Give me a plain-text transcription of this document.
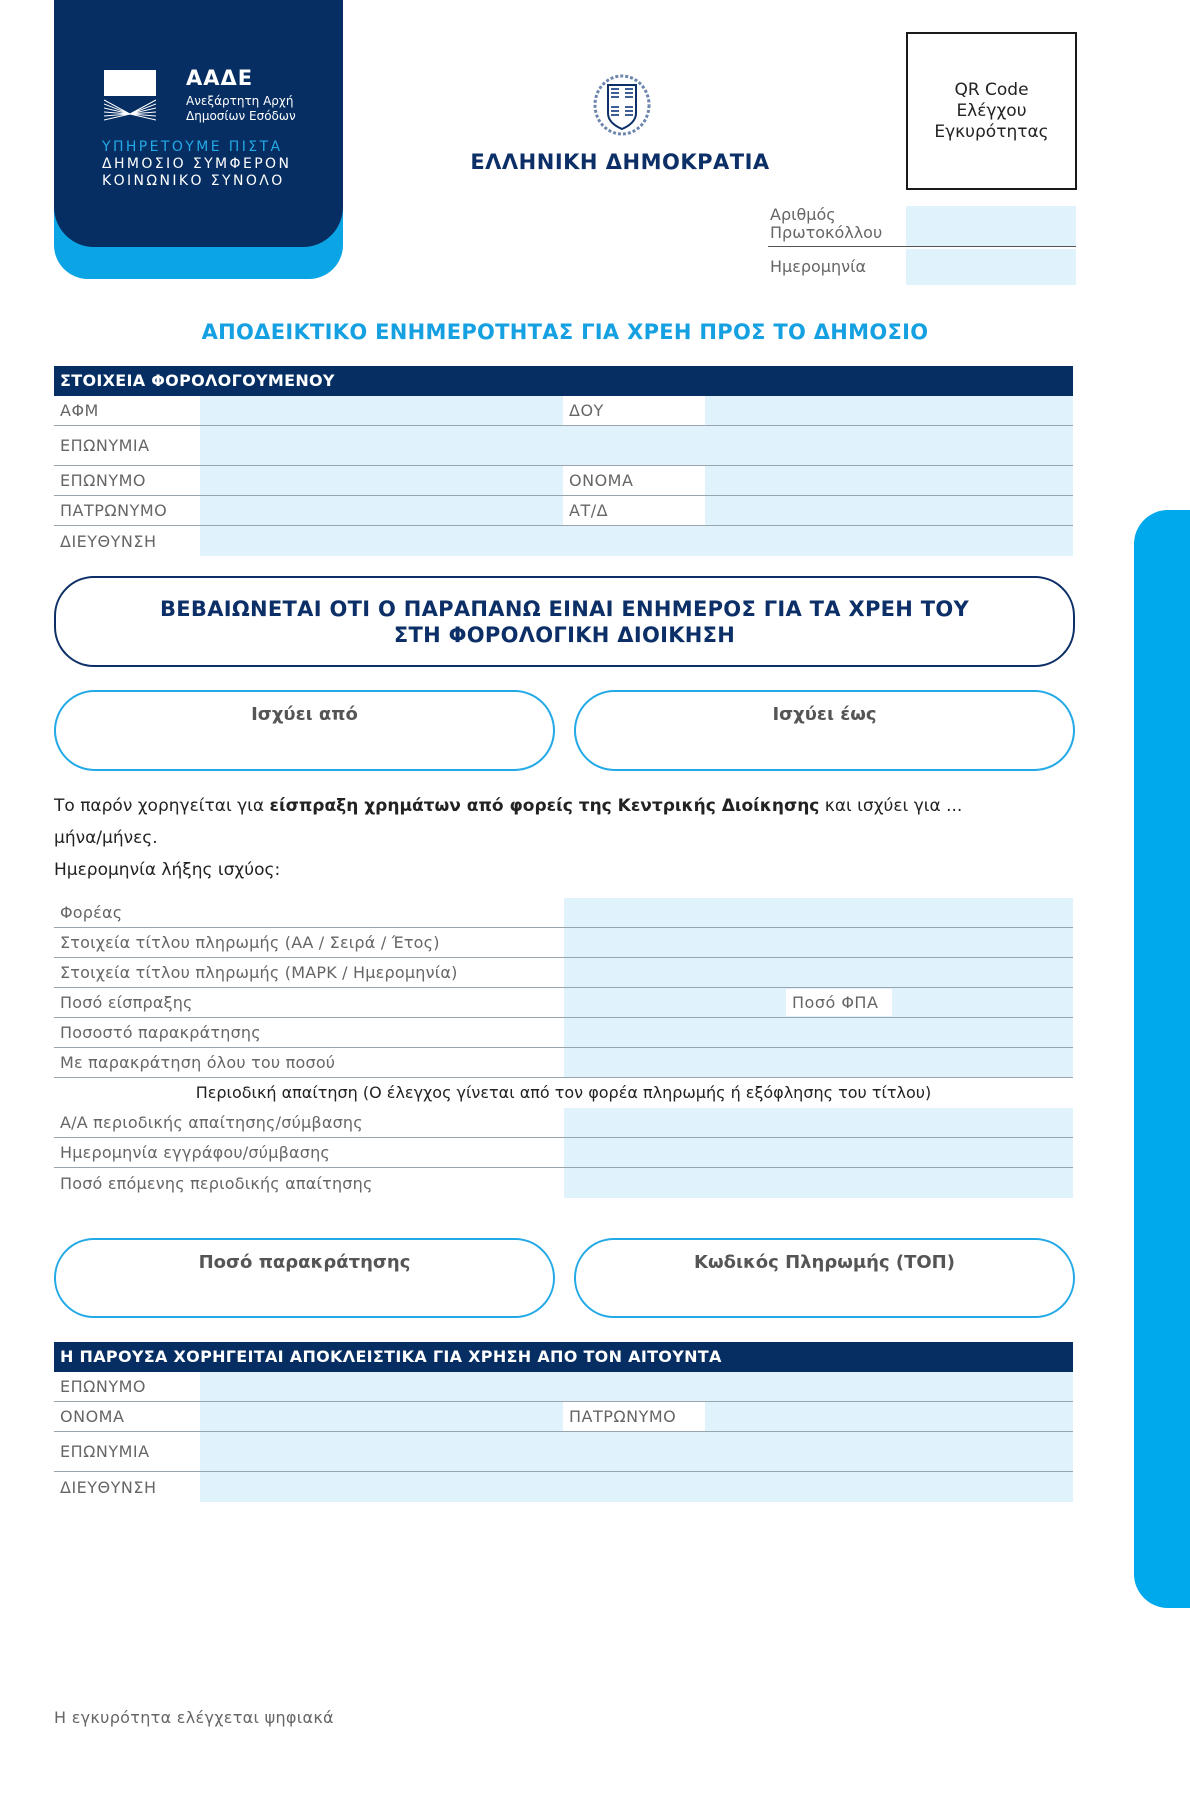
ΑΑΔΕ
Ανεξάρτητη Αρχή
Δημοσίων Εσόδων
ΥΠΗΡΕΤΟΥΜΕ ΠΙΣΤΑ
ΔΗΜΟΣΙΟ ΣΥΜΦΕΡΟΝ
ΚΟΙΝΩΝΙΚΟ ΣΥΝΟΛΟ
ΕΛΛΗΝΙΚΗ ΔΗΜΟΚΡΑΤΙΑ
QR Code
Ελέγχου
Εγκυρότητας
Αριθμός
Πρωτοκόλλου
Ημερομηνία
ΑΠΟΔΕΙΚΤΙΚΟ ΕΝΗΜΕΡΟΤΗΤΑΣ ΓΙΑ ΧΡΕΗ ΠΡΟΣ ΤΟ ΔΗΜΟΣΙΟ
ΣΤΟΙΧΕΙΑ ΦΟΡΟΛΟΓΟΥΜΕΝΟΥ
ΑΦΜ	ΔΟΥ
ΕΠΩΝΥΜΙΑ
ΕΠΩΝΥΜΟ	ΟΝΟΜΑ
ΠΑΤΡΩΝΥΜΟ	ΑΤ/Δ
ΔΙΕΥΘΥΝΣΗ
ΒΕΒΑΙΩΝΕΤΑΙ ΟΤΙ Ο ΠΑΡΑΠΑΝΩ ΕΙΝΑΙ ΕΝΗΜΕΡΟΣ ΓΙΑ ΤΑ ΧΡΕΗ ΤΟΥ
ΣΤΗ ΦΟΡΟΛΟΓΙΚΗ ΔΙΟΙΚΗΣΗ
Ισχύει από	Ισχύει έως
Το παρόν χορηγείται για είσπραξη χρημάτων από φορείς της Κεντρικής Διοίκησης και ισχύει για ...
μήνα/μήνες.
Ημερομηνία λήξης ισχύος:
Φορέας
Στοιχεία τίτλου πληρωμής (ΑΑ / Σειρά / Έτος)
Στοιχεία τίτλου πληρωμής (ΜΑΡΚ / Ημερομηνία)
Ποσό είσπραξης	Ποσό ΦΠΑ
Ποσοστό παρακράτησης
Με παρακράτηση όλου του ποσού
Περιοδική απαίτηση (Ο έλεγχος γίνεται από τον φορέα πληρωμής ή εξόφλησης του τίτλου)
Α/Α περιοδικής απαίτησης/σύμβασης
Ημερομηνία εγγράφου/σύμβασης
Ποσό επόμενης περιοδικής απαίτησης
Ποσό παρακράτησης	Κωδικός Πληρωμής (ΤΟΠ)
Η ΠΑΡΟΥΣΑ ΧΟΡΗΓΕΙΤΑΙ ΑΠΟΚΛΕΙΣΤΙΚΑ ΓΙΑ ΧΡΗΣΗ ΑΠΟ ΤΟΝ ΑΙΤΟΥΝΤΑ
ΕΠΩΝΥΜΟ
ΟΝΟΜΑ	ΠΑΤΡΩΝΥΜΟ
ΕΠΩΝΥΜΙΑ
ΔΙΕΥΘΥΝΣΗ
Η εγκυρότητα ελέγχεται ψηφιακά
